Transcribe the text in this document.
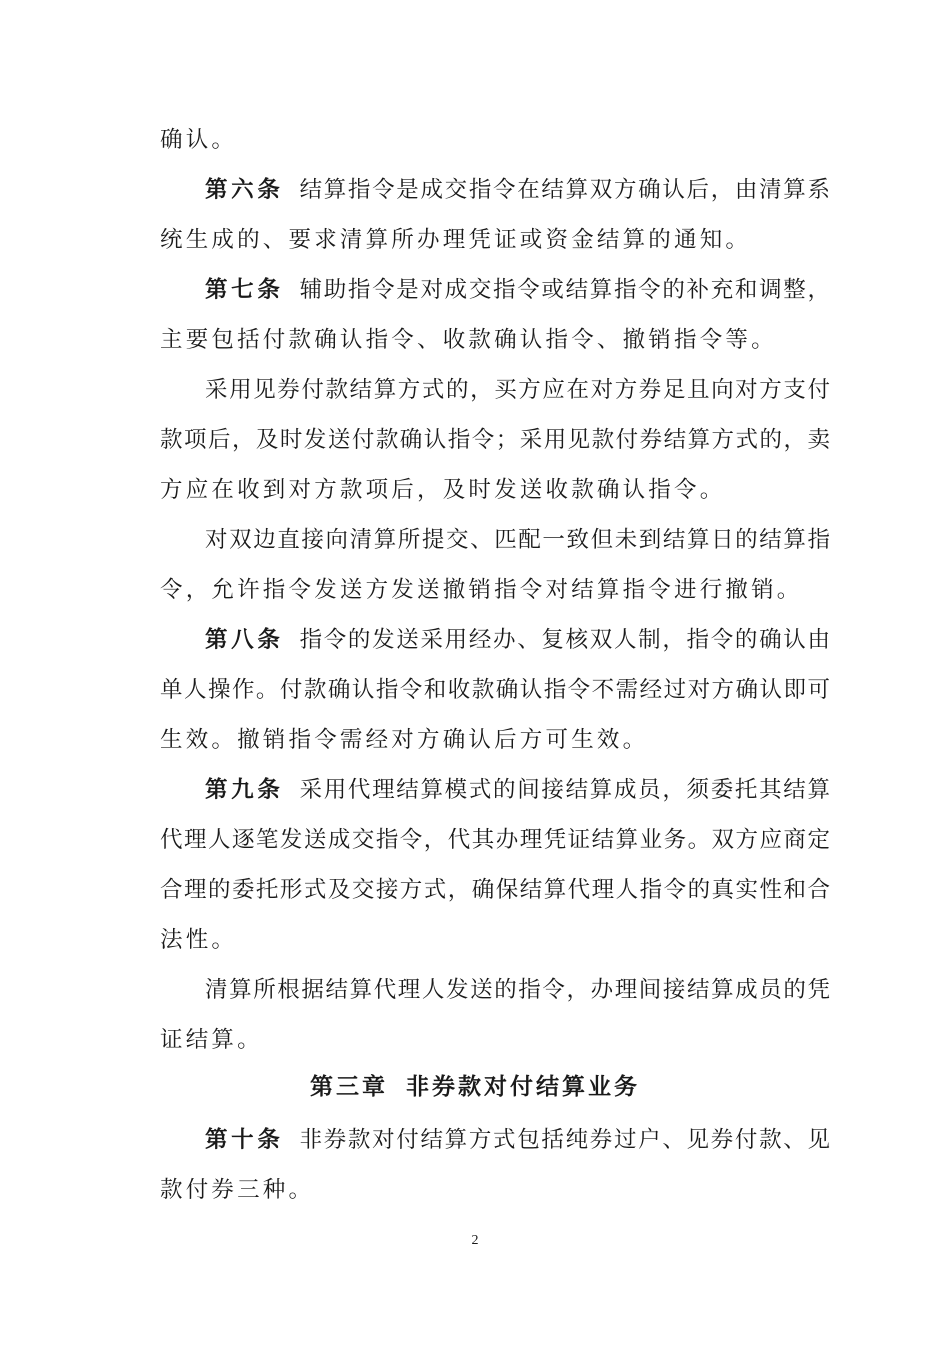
确认。
第六条 结算指令是成交指令在结算双方确认后，由清算系
统生成的、要求清算所办理凭证或资金结算的通知。
第七条 辅助指令是对成交指令或结算指令的补充和调整，
主要包括付款确认指令、收款确认指令、撤销指令等。
采用见券付款结算方式的，买方应在对方券足且向对方支付
款项后，及时发送付款确认指令；采用见款付券结算方式的，卖
方应在收到对方款项后，及时发送收款确认指令。
对双边直接向清算所提交、匹配一致但未到结算日的结算指
令，允许指令发送方发送撤销指令对结算指令进行撤销。
第八条 指令的发送采用经办、复核双人制，指令的确认由
单人操作。付款确认指令和收款确认指令不需经过对方确认即可
生效。撤销指令需经对方确认后方可生效。
第九条 采用代理结算模式的间接结算成员，须委托其结算
代理人逐笔发送成交指令，代其办理凭证结算业务。双方应商定
合理的委托形式及交接方式，确保结算代理人指令的真实性和合
法性。
清算所根据结算代理人发送的指令，办理间接结算成员的凭
证结算。
第三章 非券款对付结算业务
第十条 非券款对付结算方式包括纯券过户、见券付款、见
款付券三种。
2
